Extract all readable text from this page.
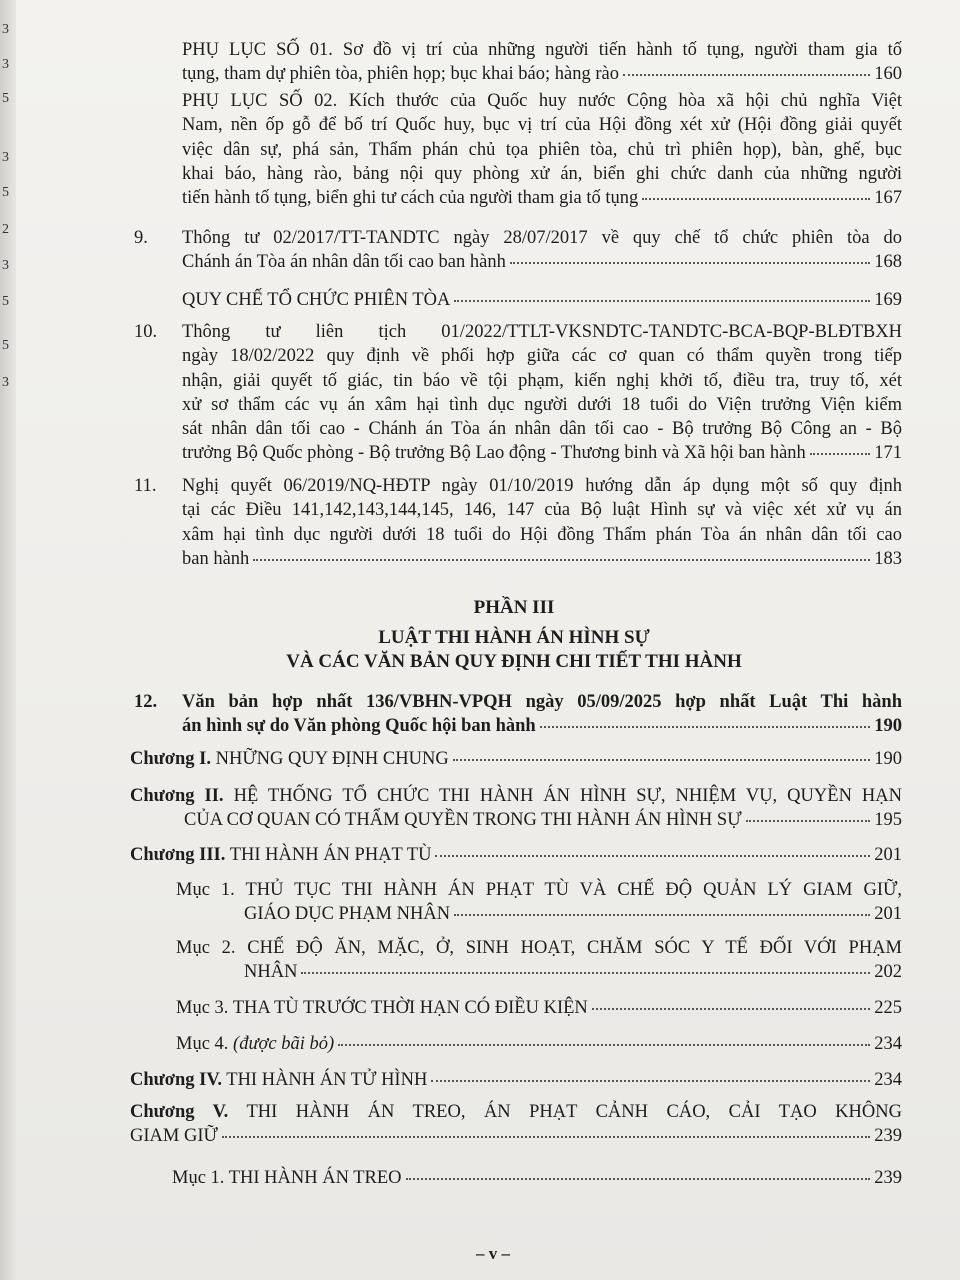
3
3
5
3
5
2
3
5
5
3
PHỤ LỤC SỐ 01. Sơ đồ vị trí của những người tiến hành tố tụng, người tham gia tố
tụng, tham dự phiên tòa, phiên họp; bục khai báo; hàng rào	160
PHỤ LỤC SỐ 02. Kích thước của Quốc huy nước Cộng hòa xã hội chủ nghĩa Việt
Nam, nền ốp gỗ để bố trí Quốc huy, bục vị trí của Hội đồng xét xử (Hội đồng giải quyết
việc dân sự, phá sản, Thẩm phán chủ tọa phiên tòa, chủ trì phiên họp), bàn, ghế, bục
khai báo, hàng rào, bảng nội quy phòng xử án, biển ghi chức danh của những người
tiến hành tố tụng, biển ghi tư cách của người tham gia tố tụng	167
9. Thông tư 02/2017/TT-TANDTC ngày 28/07/2017 về quy chế tổ chức phiên tòa do
Chánh án Tòa án nhân dân tối cao ban hành	168
QUY CHẾ TỔ CHỨC PHIÊN TÒA	169
10. Thông tư liên tịch 01/2022/TTLT-VKSNDTC-TANDTC-BCA-BQP-BLĐTBXH
ngày 18/02/2022 quy định về phối hợp giữa các cơ quan có thẩm quyền trong tiếp
nhận, giải quyết tố giác, tin báo về tội phạm, kiến nghị khởi tố, điều tra, truy tố, xét
xử sơ thẩm các vụ án xâm hại tình dục người dưới 18 tuổi do Viện trưởng Viện kiểm
sát nhân dân tối cao - Chánh án Tòa án nhân dân tối cao - Bộ trưởng Bộ Công an - Bộ
trưởng Bộ Quốc phòng - Bộ trưởng Bộ Lao động - Thương binh và Xã hội ban hành	171
11. Nghị quyết 06/2019/NQ-HĐTP ngày 01/10/2019 hướng dẫn áp dụng một số quy định
tại các Điều 141,142,143,144,145, 146, 147 của Bộ luật Hình sự và việc xét xử vụ án
xâm hại tình dục người dưới 18 tuổi do Hội đồng Thẩm phán Tòa án nhân dân tối cao
ban hành	183
PHẦN III
LUẬT THI HÀNH ÁN HÌNH SỰ
VÀ CÁC VĂN BẢN QUY ĐỊNH CHI TIẾT THI HÀNH
12. Văn bản hợp nhất 136/VBHN-VPQH ngày 05/09/2025 hợp nhất Luật Thi hành
án hình sự do Văn phòng Quốc hội ban hành	190
Chương I. NHỮNG QUY ĐỊNH CHUNG	190
Chương II. HỆ THỐNG TỔ CHỨC THI HÀNH ÁN HÌNH SỰ, NHIỆM VỤ, QUYỀN HẠN
CỦA CƠ QUAN CÓ THẨM QUYỀN TRONG THI HÀNH ÁN HÌNH SỰ	195
Chương III. THI HÀNH ÁN PHẠT TÙ	201
Mục 1. THỦ TỤC THI HÀNH ÁN PHẠT TÙ VÀ CHẾ ĐỘ QUẢN LÝ GIAM GIỮ,
GIÁO DỤC PHẠM NHÂN	201
Mục 2. CHẾ ĐỘ ĂN, MẶC, Ở, SINH HOẠT, CHĂM SÓC Y TẾ ĐỐI VỚI PHẠM
NHÂN	202
Mục 3. THA TÙ TRƯỚC THỜI HẠN CÓ ĐIỀU KIỆN	225
Mục 4. (được bãi bỏ)	234
Chương IV. THI HÀNH ÁN TỬ HÌNH	234
Chương V. THI HÀNH ÁN TREO, ÁN PHẠT CẢNH CÁO, CẢI TẠO KHÔNG
GIAM GIỮ	239
Mục 1. THI HÀNH ÁN TREO	239
– v –
